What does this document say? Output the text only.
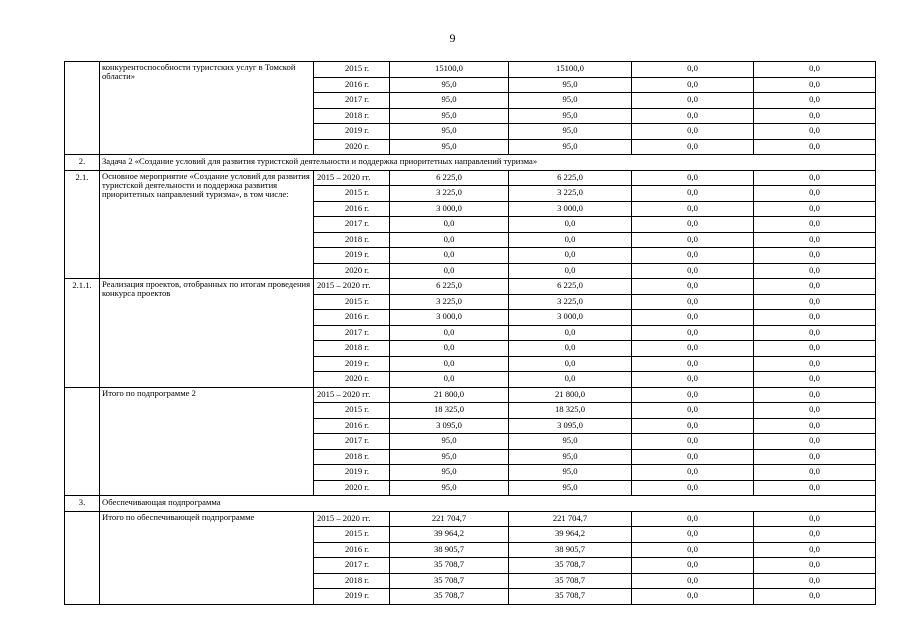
9
	конкурентоспособности туристских услуг в Томской области»	2015 г.	15100,0	15100,0	0,0	0,0
		2016 г.	95,0	95,0	0,0	0,0
		2017 г.	95,0	95,0	0,0	0,0
		2018 г.	95,0	95,0	0,0	0,0
		2019 г.	95,0	95,0	0,0	0,0
		2020 г.	95,0	95,0	0,0	0,0
2.	Задача 2 «Создание условий для развития туристской деятельности и поддержка приоритетных направлений туризма»					
2.1.	Основное мероприятие «Создание условий для развития туристской деятельности и поддержка развития приоритетных направлений туризма», в том числе:	2015 – 2020 гг.	6 225,0	6 225,0	0,0	0,0
		2015 г.	3 225,0	3 225,0	0,0	0,0
		2016 г.	3 000,0	3 000,0	0,0	0,0
		2017 г.	0,0	0,0	0,0	0,0
		2018 г.	0,0	0,0	0,0	0,0
		2019 г.	0,0	0,0	0,0	0,0
		2020 г.	0,0	0,0	0,0	0,0
2.1.1.	Реализация проектов, отобранных по итогам проведения конкурса проектов	2015 – 2020 гг.	6 225,0	6 225,0	0,0	0,0
		2015 г.	3 225,0	3 225,0	0,0	0,0
		2016 г.	3 000,0	3 000,0	0,0	0,0
		2017 г.	0,0	0,0	0,0	0,0
		2018 г.	0,0	0,0	0,0	0,0
		2019 г.	0,0	0,0	0,0	0,0
		2020 г.	0,0	0,0	0,0	0,0
	Итого по подпрограмме 2	2015 – 2020 гг.	21 800,0	21 800,0	0,0	0,0
		2015 г.	18 325,0	18 325,0	0,0	0,0
		2016 г.	3 095,0	3 095,0	0,0	0,0
		2017 г.	95,0	95,0	0,0	0,0
		2018 г.	95,0	95,0	0,0	0,0
		2019 г.	95,0	95,0	0,0	0,0
		2020 г.	95,0	95,0	0,0	0,0
3.	Обеспечивающая подпрограмма					
	Итого по обеспечивающей подпрограмме	2015 – 2020 гг.	221 704,7	221 704,7	0,0	0,0
		2015 г.	39 964,2	39 964,2	0,0	0,0
		2016 г.	38 905,7	38 905,7	0,0	0,0
		2017 г.	35 708,7	35 708,7	0,0	0,0
		2018 г.	35 708,7	35 708,7	0,0	0,0
		2019 г.	35 708,7	35 708,7	0,0	0,0
